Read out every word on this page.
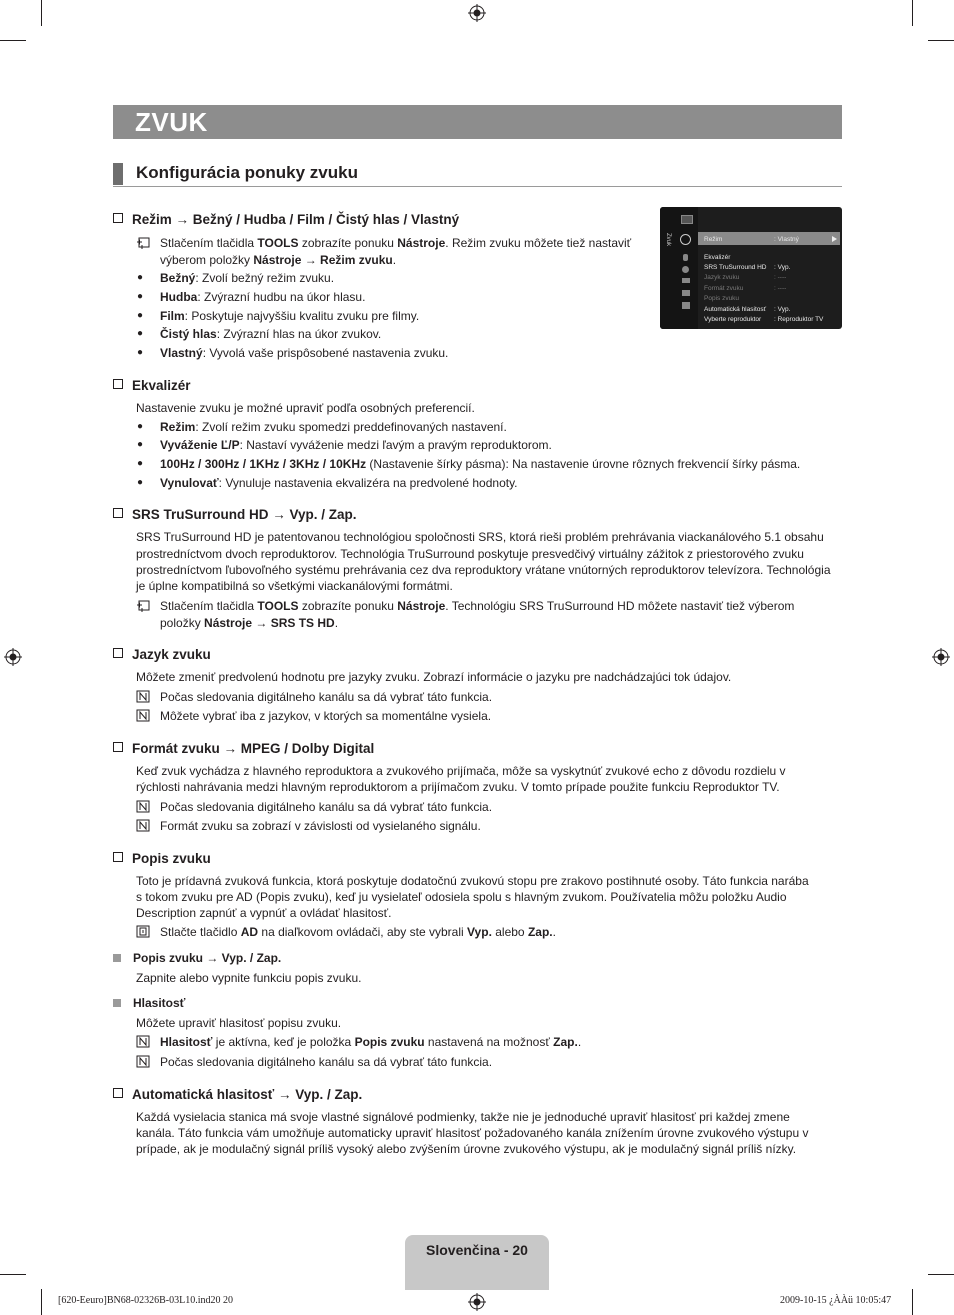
ZVUK
Konfigurácia ponuky zvuku
Režim → Bežný / Hudba / Film / Čistý hlas / Vlastný
Stlačením tlačidla TOOLS zobrazíte ponuku Nástroje. Režim zvuku môžete tiež nastaviť
výberom položky Nástroje → Režim zvuku.
● Bežný: Zvolí bežný režim zvuku.
● Hudba: Zvýrazní hudbu na úkor hlasu.
● Film: Poskytuje najvyššiu kvalitu zvuku pre filmy.
● Čistý hlas: Zvýrazní hlas na úkor zvukov.
● Vlastný: Vyvolá vaše prispôsobené nastavenia zvuku.
Zvuk	Režim	: Vlastný
Ekvalizér
SRS TruSurround HD : Vyp.
Jazyk zvuku	: ----
Formát zvuku	: ----
Popis zvuku
Automatická hlasitosť : Vyp.
Vyberte reproduktor : Reproduktor TV
Ekvalizér
Nastavenie zvuku je možné upraviť podľa osobných preferencií.
● Režim: Zvolí režim zvuku spomedzi preddefinovaných nastavení.
● Vyváženie Ľ/P: Nastaví vyváženie medzi ľavým a pravým reproduktorom.
● 100Hz / 300Hz / 1KHz / 3KHz / 10KHz (Nastavenie šírky pásma): Na nastavenie úrovne rôznych frekvencií šírky pásma.
● Vynulovať: Vynuluje nastavenia ekvalizéra na predvolené hodnoty.
SRS TruSurround HD → Vyp. / Zap.
SRS TruSurround HD je patentovanou technológiou spoločnosti SRS, ktorá rieši problém prehrávania viackanálového 5.1 obsahu
prostredníctvom dvoch reproduktorov. Technológia TruSurround poskytuje presvedčivý virtuálny zážitok z priestorového zvuku
prostredníctvom ľubovoľného systému prehrávania cez dva reproduktory vrátane vnútorných reproduktorov televízora. Technológia
je úplne kompatibilná so všetkými viackanálovými formátmi.
Stlačením tlačidla TOOLS zobrazíte ponuku Nástroje. Technológiu SRS TruSurround HD môžete nastaviť tiež výberom
položky Nástroje → SRS TS HD.
Jazyk zvuku
Môžete zmeniť predvolenú hodnotu pre jazyky zvuku. Zobrazí informácie o jazyku pre nadchádzajúci tok údajov.
Počas sledovania digitálneho kanálu sa dá vybrať táto funkcia.
Môžete vybrať iba z jazykov, v ktorých sa momentálne vysiela.
Formát zvuku → MPEG / Dolby Digital
Keď zvuk vychádza z hlavného reproduktora a zvukového prijímača, môže sa vyskytnúť zvukové echo z dôvodu rozdielu v
rýchlosti nahrávania medzi hlavným reproduktorom a prijímačom zvuku. V tomto prípade použite funkciu Reproduktor TV.
Počas sledovania digitálneho kanálu sa dá vybrať táto funkcia.
Formát zvuku sa zobrazí v závislosti od vysielaného signálu.
Popis zvuku
Toto je prídavná zvuková funkcia, ktorá poskytuje dodatočnú zvukovú stopu pre zrakovo postihnuté osoby. Táto funkcia narába
s tokom zvuku pre AD (Popis zvuku), keď ju vysielateľ odosiela spolu s hlavným zvukom. Používatelia môžu položku Audio
Description zapnúť a vypnúť a ovládať hlasitosť.
Stlačte tlačidlo AD na diaľkovom ovládači, aby ste vybrali Vyp. alebo Zap..
Popis zvuku → Vyp. / Zap.
Zapnite alebo vypnite funkciu popis zvuku.
Hlasitosť
Môžete upraviť hlasitosť popisu zvuku.
Hlasitosť je aktívna, keď je položka Popis zvuku nastavená na možnosť Zap..
Počas sledovania digitálneho kanálu sa dá vybrať táto funkcia.
Automatická hlasitosť → Vyp. / Zap.
Každá vysielacia stanica má svoje vlastné signálové podmienky, takže nie je jednoduché upraviť hlasitosť pri každej zmene
kanála. Táto funkcia vám umožňuje automaticky upraviť hlasitosť požadovaného kanála znížením úrovne zvukového výstupu v
prípade, ak je modulačný signál príliš vysoký alebo zvýšením úrovne zvukového výstupu, ak je modulačný signál príliš nízky.
Slovenčina - 20
[620-Eeuro]BN68-02326B-03L10.ind20 20	2009-10-15 ¿ÀÀü 10:05:47
